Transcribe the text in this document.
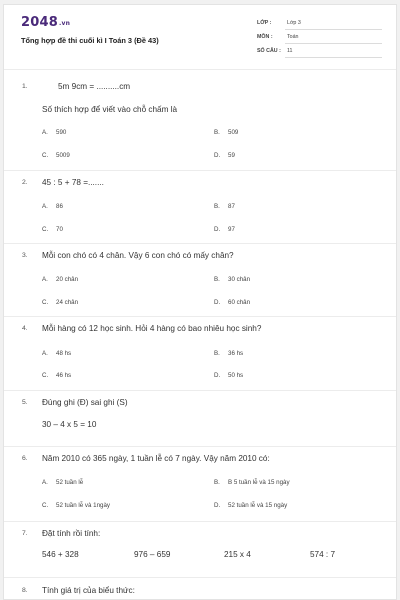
2048.vn
Tổng hợp đề thi cuối kì I Toán 3 (Đề 43)
LỚP :	Lớp 3
MÔN :	Toán
SỐ CÂU : 11
1.	5m 9cm = ..........cm
Số thích hợp để viết vào chỗ chấm là
A. 590	B. 509
C. 5009	D. 59
2. 45 : 5 + 78 =.......
A. 86	B. 87
C. 70	D. 97
3. Mỗi con chó có 4 chân. Vậy 6 con chó có mấy chân?
A. 20 chân	B. 30 chân
C. 24 chân	D. 60 chân
4. Mỗi hàng có 12 học sinh. Hỏi 4 hàng có bao nhiêu học sinh?
A. 48 hs	B. 36 hs
C. 46 hs	D. 50 hs
5. Đúng ghi (Đ) sai ghi (S)
30 – 4 x 5 = 10
6. Năm 2010 có 365 ngày, 1 tuần lễ có 7 ngày. Vậy năm 2010 có:
A. 52 tuần lễ	B. B 5 tuần lễ và 15 ngày
C. 52 tuần lễ và 1ngày	D. 52 tuần lễ và 15 ngày
7. Đặt tính rồi tính:
546 + 328	976 – 659	215 x 4	574 : 7
8. Tính giá trị của biểu thức:
